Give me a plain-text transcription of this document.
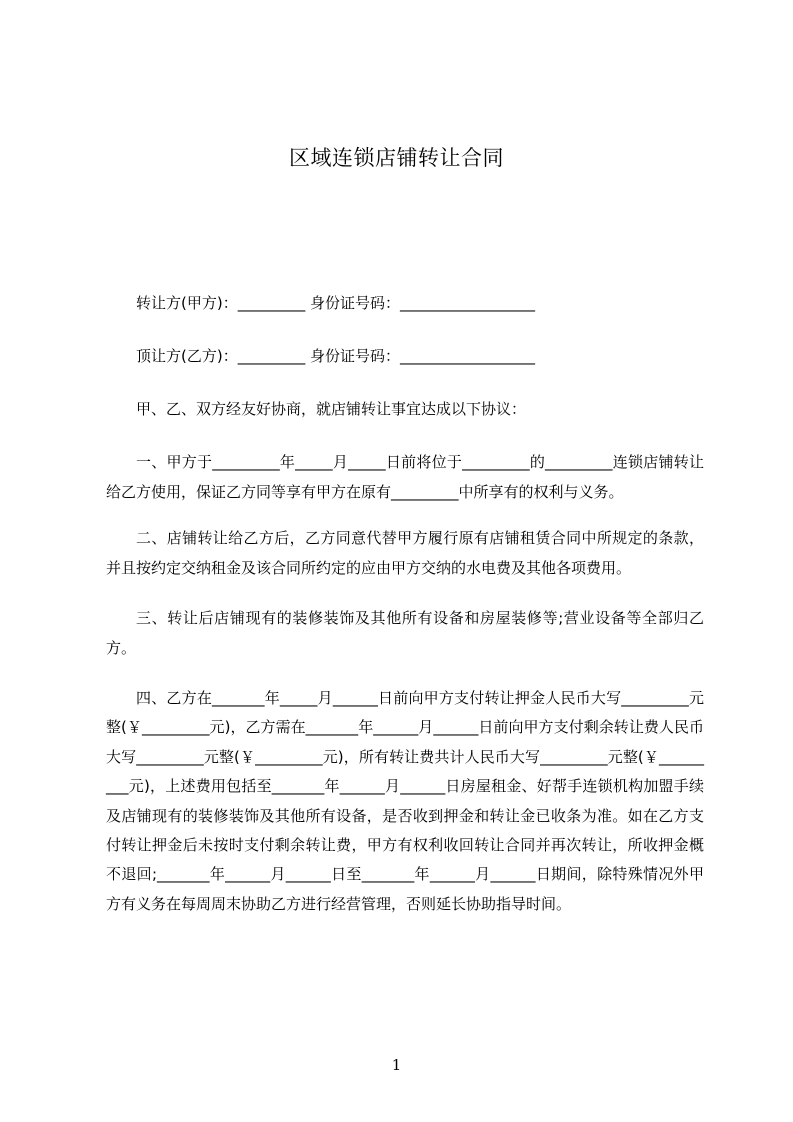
区域连锁店铺转让合同
转让方(甲方)：_________ 身份证号码：__________________
顶让方(乙方)：_________ 身份证号码：__________________
甲、乙、双方经友好协商，就店铺转让事宜达成以下协议：
一、甲方于_________年_____月_____日前将位于_________的_________连锁店铺转让给乙方使用，保证乙方同等享有甲方在原有_________中所享有的权利与义务。
二、店铺转让给乙方后，乙方同意代替甲方履行原有店铺租赁合同中所规定的条款，并且按约定交纳租金及该合同所约定的应由甲方交纳的水电费及其他各项费用。
三、转让后店铺现有的装修装饰及其他所有设备和房屋装修等;营业设备等全部归乙方。
四、乙方在_______年_____月______日前向甲方支付转让押金人民币大写_________元整(￥_________元)，乙方需在_______年______月______日前向甲方支付剩余转让费人民币大写_________元整(￥_________元)，所有转让费共计人民币大写_________元整(￥_________元)，上述费用包括至_______年______月______日房屋租金、好帮手连锁机构加盟手续及店铺现有的装修装饰及其他所有设备，是否收到押金和转让金已收条为准。如在乙方支付转让押金后未按时支付剩余转让费，甲方有权利收回转让合同并再次转让，所收押金概不退回;_______年______月______日至_______年______月______日期间，除特殊情况外甲方有义务在每周周末协助乙方进行经营管理，否则延长协助指导时间。
1
